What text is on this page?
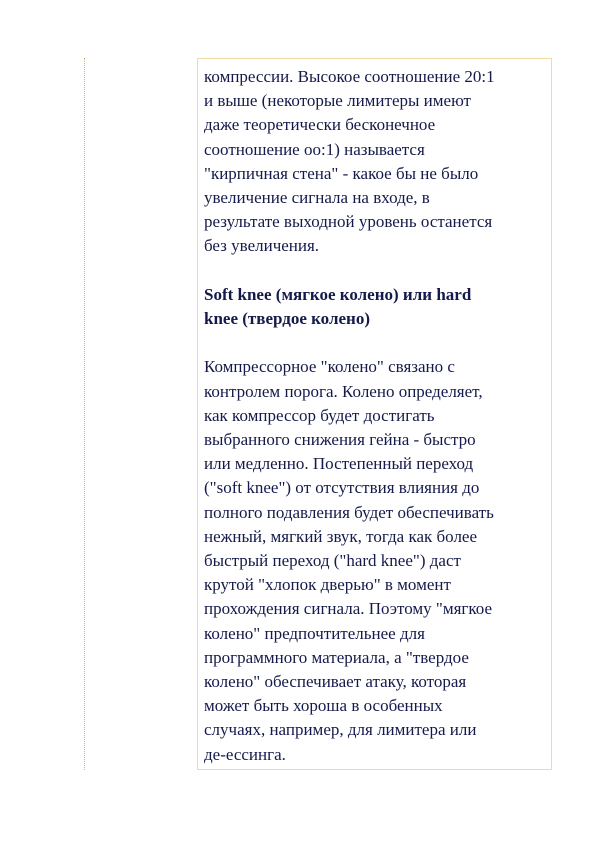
компрессии. Высокое соотношение 20:1
и выше (некоторые лимитеры имеют
даже теоретически бесконечное
соотношение oo:1) называется
"кирпичная стена" - какое бы не было
увеличение сигнала на входе, в
результате выходной уровень останется
без увеличения.
Soft knee (мягкое колено) или hard
knee (твердое колено)
Компрессорное "колено" связано с
контролем порога. Колено определяет,
как компрессор будет достигать
выбранного снижения гейна - быстро
или медленно. Постепенный переход
("soft knee") от отсутствия влияния до
полного подавления будет обеспечивать
нежный, мягкий звук, тогда как более
быстрый переход ("hard knee") даст
крутой "хлопок дверью" в момент
прохождения сигнала. Поэтому "мягкое
колено" предпочтительнее для
программного материала, а "твердое
колено" обеспечивает атаку, которая
может быть хороша в особенных
случаях, например, для лимитера или
де-ессинга.
